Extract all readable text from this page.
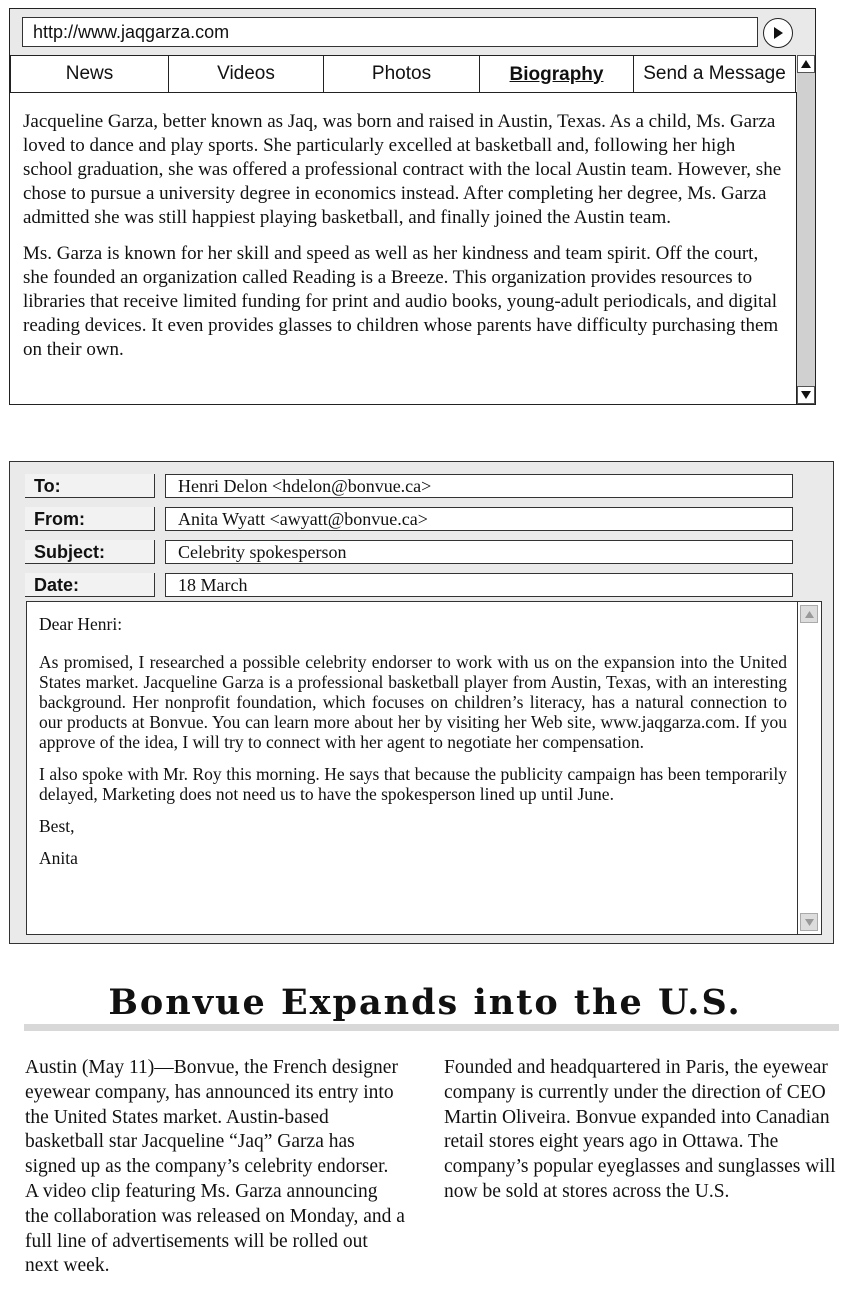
http://www.jaqgarza.com
News	Videos	Photos	Biography	Send a Message

Jacqueline Garza, better known as Jaq, was born and raised in Austin, Texas. As a child, Ms. Garza loved to dance and play sports. She particularly excelled at basketball and, following her high school graduation, she was offered a professional contract with the local Austin team. However, she chose to pursue a university degree in economics instead. After completing her degree, Ms. Garza admitted she was still happiest playing basketball, and finally joined the Austin team.

Ms. Garza is known for her skill and speed as well as her kindness and team spirit. Off the court, she founded an organization called Reading is a Breeze. This organization provides resources to libraries that receive limited funding for print and audio books, young-adult periodicals, and digital reading devices. It even provides glasses to children whose parents have difficulty purchasing them on their own.

To:	Henri Delon <hdelon@bonvue.ca>
From:	Anita Wyatt <awyatt@bonvue.ca>
Subject:	Celebrity spokesperson
Date:	18 March

Dear Henri:

As promised, I researched a possible celebrity endorser to work with us on the expansion into the United States market. Jacqueline Garza is a professional basketball player from Austin, Texas, with an interesting background. Her nonprofit foundation, which focuses on children’s literacy, has a natural connection to our products at Bonvue. You can learn more about her by visiting her Web site, www.jaqgarza.com. If you approve of the idea, I will try to connect with her agent to negotiate her compensation.

I also spoke with Mr. Roy this morning. He says that because the publicity campaign has been temporarily delayed, Marketing does not need us to have the spokesperson lined up until June.

Best,

Anita

Bonvue Expands into the U.S.

Austin (May 11)—Bonvue, the French designer eyewear company, has announced its entry into the United States market. Austin-based basketball star Jacqueline “Jaq” Garza has signed up as the company’s celebrity endorser. A video clip featuring Ms. Garza announcing the collaboration was released on Monday, and a full line of advertisements will be rolled out next week.

Founded and headquartered in Paris, the eyewear company is currently under the direction of CEO Martin Oliveira. Bonvue expanded into Canadian retail stores eight years ago in Ottawa. The company’s popular eyeglasses and sunglasses will now be sold at stores across the U.S.
